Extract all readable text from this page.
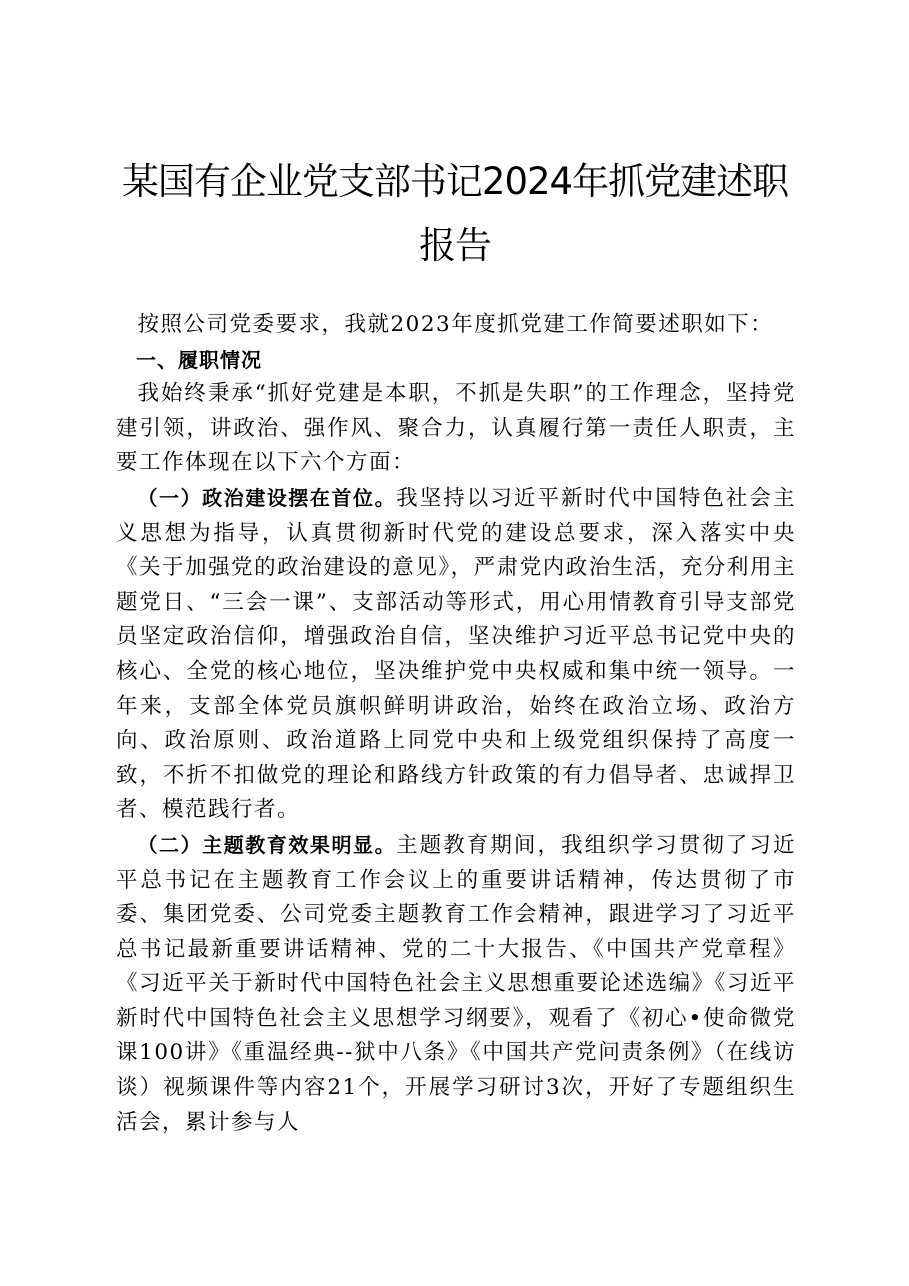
某国有企业党支部书记2024年抓党建述职报告

按照公司党委要求，我就2023年度抓党建工作简要述职如下：

一、履职情况

我始终秉承“抓好党建是本职，不抓是失职”的工作理念，坚持党建引领，讲政治、强作风、聚合力，认真履行第一责任人职责，主要工作体现在以下六个方面：

（一）政治建设摆在首位。我坚持以习近平新时代中国特色社会主义思想为指导，认真贯彻新时代党的建设总要求，深入落实中央《关于加强党的政治建设的意见》，严肃党内政治生活，充分利用主题党日、“三会一课”、支部活动等形式，用心用情教育引导支部党员坚定政治信仰，增强政治自信，坚决维护习近平总书记党中央的核心、全党的核心地位，坚决维护党中央权威和集中统一领导。一年来，支部全体党员旗帜鲜明讲政治，始终在政治立场、政治方向、政治原则、政治道路上同党中央和上级党组织保持了高度一致，不折不扣做党的理论和路线方针政策的有力倡导者、忠诚捍卫者、模范践行者。

（二）主题教育效果明显。主题教育期间，我组织学习贯彻了习近平总书记在主题教育工作会议上的重要讲话精神，传达贯彻了市委、集团党委、公司党委主题教育工作会精神，跟进学习了习近平总书记最新重要讲话精神、党的二十大报告、《中国共产党章程》《习近平关于新时代中国特色社会主义思想重要论述选编》《习近平新时代中国特色社会主义思想学习纲要》，观看了《初心•使命微党课100讲》《重温经典--狱中八条》《中国共产党问责条例》（在线访谈）视频课件等内容21个，开展学习研讨3次，开好了专题组织生活会，累计参与人
